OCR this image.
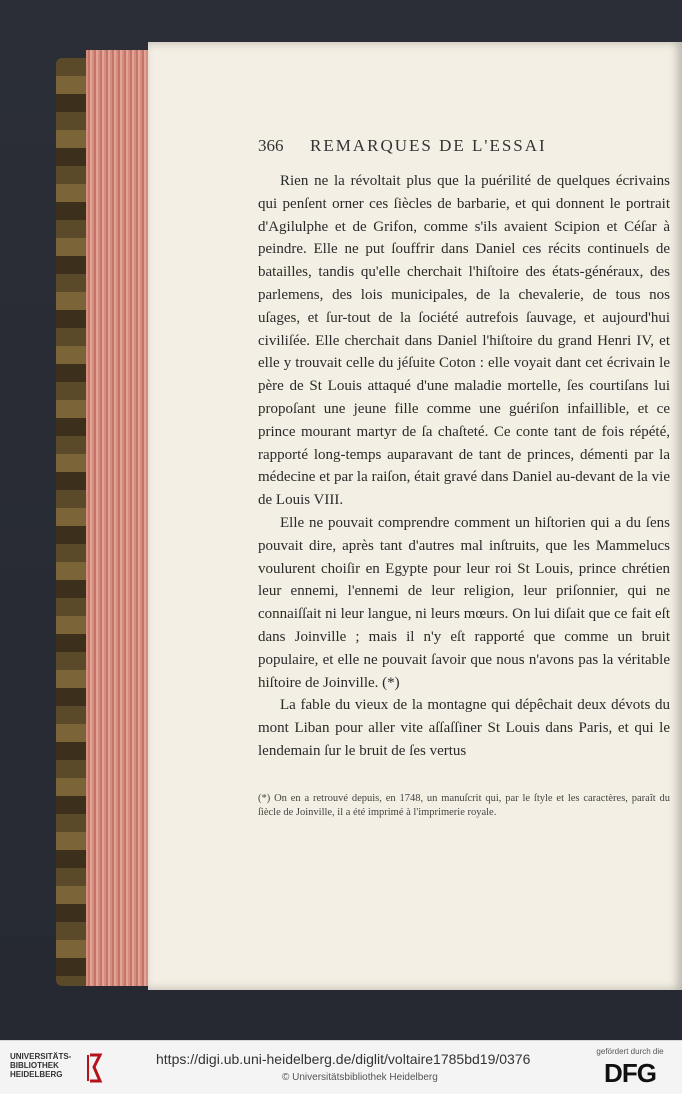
366 REMARQUES DE L'ESSAI

Rien ne la révoltait plus que la puérilité de quelques écrivains qui penſent orner ces ſiècles de barbarie, et qui donnent le portrait d'Agilulphe et de Grifon, comme s'ils avaient Scipion et Céſar à peindre. Elle ne put ſouffrir dans Daniel ces récits continuels de batailles, tandis qu'elle cherchait l'hiſtoire des états-généraux, des parlemens, des lois municipales, de la chevalerie, de tous nos uſages, et ſur-tout de la ſociété autrefois ſauvage, et aujourd'hui civiliſée. Elle cherchait dans Daniel l'hiſtoire du grand Henri IV, et elle y trouvait celle du jéſuite Coton : elle voyait dant cet écrivain le père de St Louis attaqué d'une maladie mortelle, ſes courtiſans lui propoſant une jeune fille comme une guériſon infaillible, et ce prince mourant martyr de ſa chaſteté. Ce conte tant de fois répété, rapporté long-temps auparavant de tant de princes, démenti par la médecine et par la raiſon, était gravé dans Daniel au-devant de la vie de Louis VIII.

Elle ne pouvait comprendre comment un hiſtorien qui a du ſens pouvait dire, après tant d'autres mal inſtruits, que les Mammelucs voulurent choiſir en Egypte pour leur roi St Louis, prince chrétien leur ennemi, l'ennemi de leur religion, leur priſonnier, qui ne connaiſſait ni leur langue, ni leurs mœurs. On lui diſait que ce fait eſt dans Joinville ; mais il n'y eſt rapporté que comme un bruit populaire, et elle ne pouvait ſavoir que nous n'avons pas la véritable hiſtoire de Joinville. (*)

La fable du vieux de la montagne qui dépêchait deux dévots du mont Liban pour aller vite aſſaſſiner St Louis dans Paris, et qui le lendemain ſur le bruit de ſes vertus

(*) On en a retrouvé depuis, en 1748, un manuſcrit qui, par le ſtyle et les caractères, paraît du ſiècle de Joinville, il a été imprimé à l'imprimerie royale.
UNIVERSITÄTS-
BIBLIOTHEK
HEIDELBERG
https://digi.ub.uni-heidelberg.de/diglit/voltaire1785bd19/0376
© Universitätsbibliothek Heidelberg
gefördert durch die
DFG
